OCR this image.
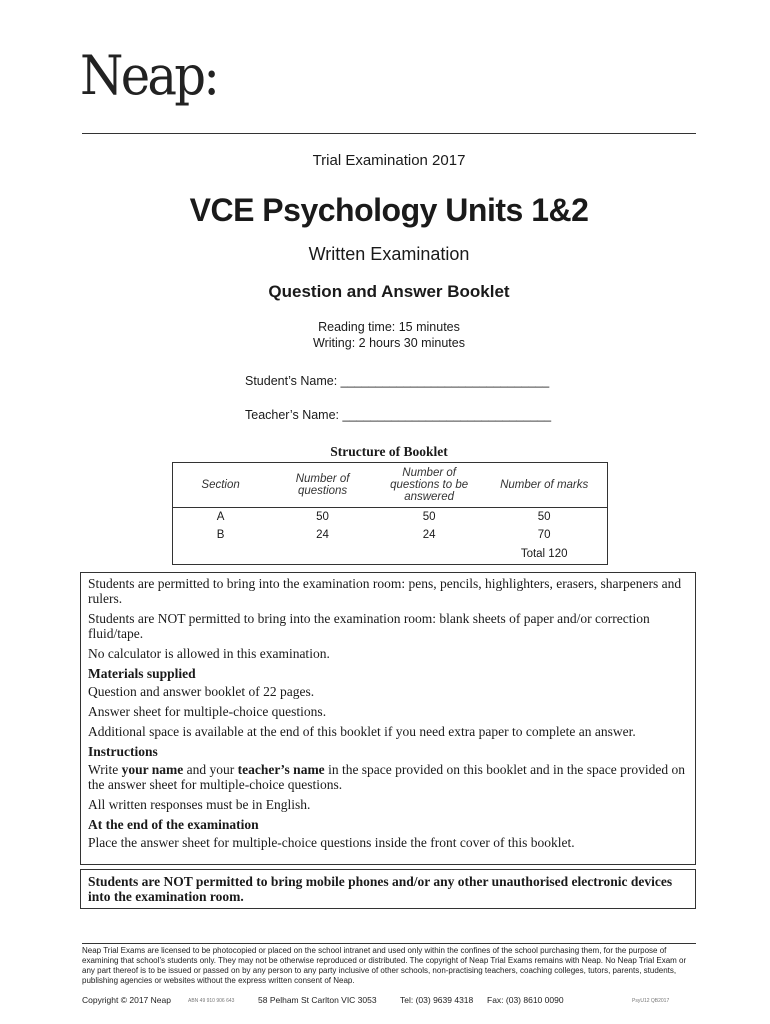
Neap:
Trial Examination 2017
VCE Psychology Units 1&2
Written Examination
Question and Answer Booklet
Reading time: 15 minutes
Writing: 2 hours 30 minutes
Student’s Name: ______________________________
Teacher’s Name: ______________________________
Structure of Booklet
Section	Number of questions	Number of questions to be answered	Number of marks
A	50	50	50
B	24	24	70
			Total 120

Students are permitted to bring into the examination room: pens, pencils, highlighters, erasers, sharpeners and rulers.

Students are NOT permitted to bring into the examination room: blank sheets of paper and/or correction fluid/tape.

No calculator is allowed in this examination.

Materials supplied

Question and answer booklet of 22 pages.

Answer sheet for multiple-choice questions.

Additional space is available at the end of this booklet if you need extra paper to complete an answer.

Instructions

Write your name and your teacher’s name in the space provided on this booklet and in the space provided on the answer sheet for multiple-choice questions.

All written responses must be in English.

At the end of the examination

Place the answer sheet for multiple-choice questions inside the front cover of this booklet.

Students are NOT permitted to bring mobile phones and/or any other unauthorised electronic devices into the examination room.
Neap Trial Exams are licensed to be photocopied or placed on the school intranet and used only within the confines of the school purchasing them, for the purpose of examining that school’s students only. They may not be otherwise reproduced or distributed. The copyright of Neap Trial Exams remains with Neap. No Neap Trial Exam or any part thereof is to be issued or passed on by any person to any party inclusive of other schools, non-practising teachers, coaching colleges, tutors, parents, students, publishing agencies or websites without the express written consent of Neap.
Copyright © 2017 Neap	ABN 49 910 906 643	58 Pelham St Carlton VIC 3053	Tel: (03) 9639 4318 Fax: (03) 8610 0090	PsyU12 QB2017
